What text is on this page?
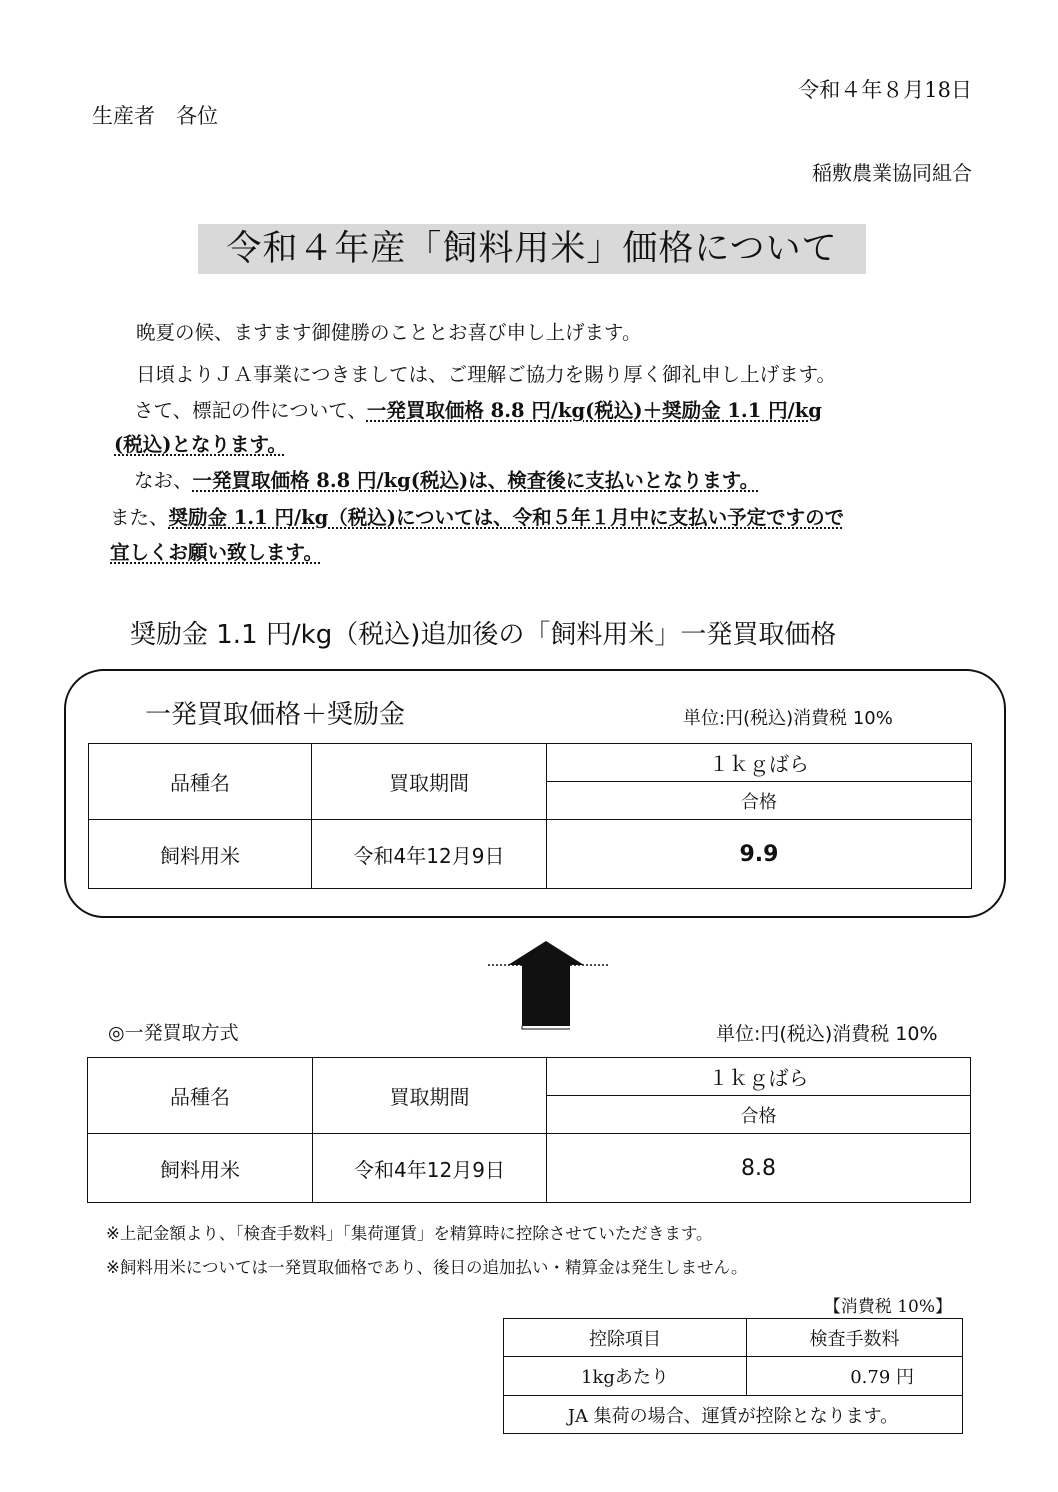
令和４年８月18日
生産者　各位
稲敷農業協同組合
令和４年産「飼料用米」価格について
晩夏の候、ますます御健勝のこととお喜び申し上げます。
日頃よりＪＡ事業につきましては、ご理解ご協力を賜り厚く御礼申し上げます。
さて、標記の件について、一発買取価格 8.8 円/kg(税込)＋奨励金 1.1 円/kg
(税込)となります。
なお、一発買取価格 8.8 円/kg(税込)は、検査後に支払いとなります。
また、奨励金 1.1 円/kg（税込)については、令和５年１月中に支払い予定ですので
宜しくお願い致します。
奨励金 1.1 円/kg（税込)追加後の「飼料用米」一発買取価格
一発買取価格＋奨励金	単位:円(税込)消費税 10%
品種名	買取期間	１ｋｇばら
		合格
飼料用米	令和4年12月9日	9.9
◎一発買取方式	単位:円(税込)消費税 10%
品種名	買取期間	１ｋｇばら
		合格
飼料用米	令和4年12月9日	8.8
※上記金額より、「検査手数料」「集荷運賃」を精算時に控除させていただきます。
※飼料用米については一発買取価格であり、後日の追加払い・精算金は発生しません。
【消費税 10%】
控除項目	検査手数料
1kgあたり	0.79 円
JA 集荷の場合、運賃が控除となります。	
